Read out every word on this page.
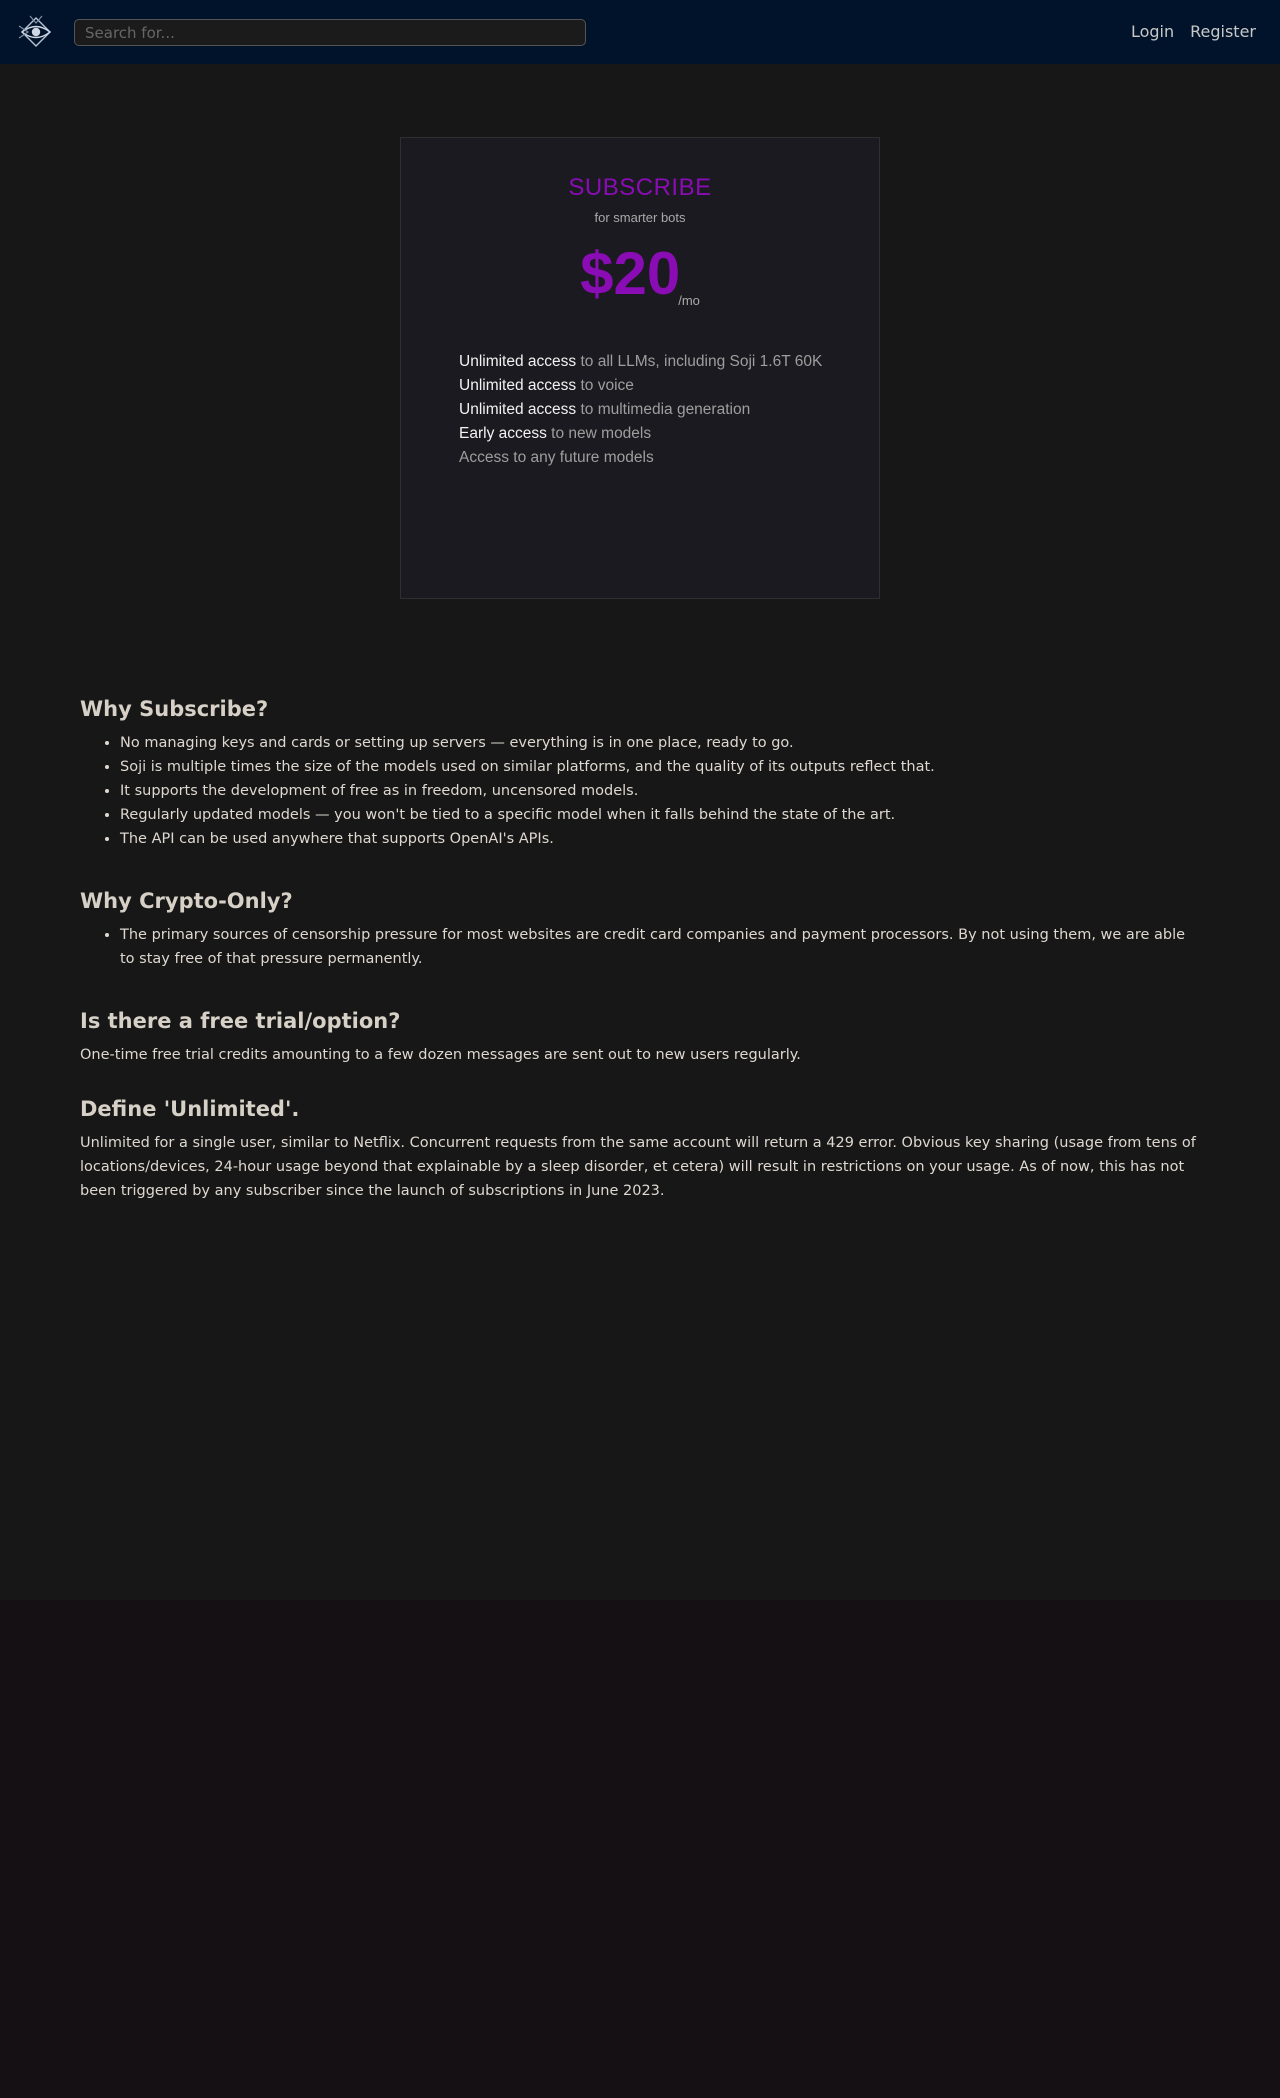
Search for...
Login Register
SUBSCRIBE
for smarter bots
$20/mo
Unlimited access to all LLMs, including Soji 1.6T 60K
Unlimited access to voice
Unlimited access to multimedia generation
Early access to new models
Access to any future models
Why Subscribe?
• No managing keys and cards or setting up servers — everything is in one place, ready to go.
• Soji is multiple times the size of the models used on similar platforms, and the quality of its outputs reflect that.
• It supports the development of free as in freedom, uncensored models.
• Regularly updated models — you won't be tied to a specific model when it falls behind the state of the art.
• The API can be used anywhere that supports OpenAI's APIs.
Why Crypto-Only?
• The primary sources of censorship pressure for most websites are credit card companies and payment processors. By not using them, we are able to stay free of that pressure permanently.
Is there a free trial/option?

One-time free trial credits amounting to a few dozen messages are sent out to new users regularly.

Define 'Unlimited'.

Unlimited for a single user, similar to Netflix. Concurrent requests from the same account will return a 429 error. Obvious key sharing (usage from tens of locations/devices, 24-hour usage beyond that explainable by a sleep disorder, et cetera) will result in restrictions on your usage. As of now, this has not been triggered by any subscriber since the launch of subscriptions in June 2023.
